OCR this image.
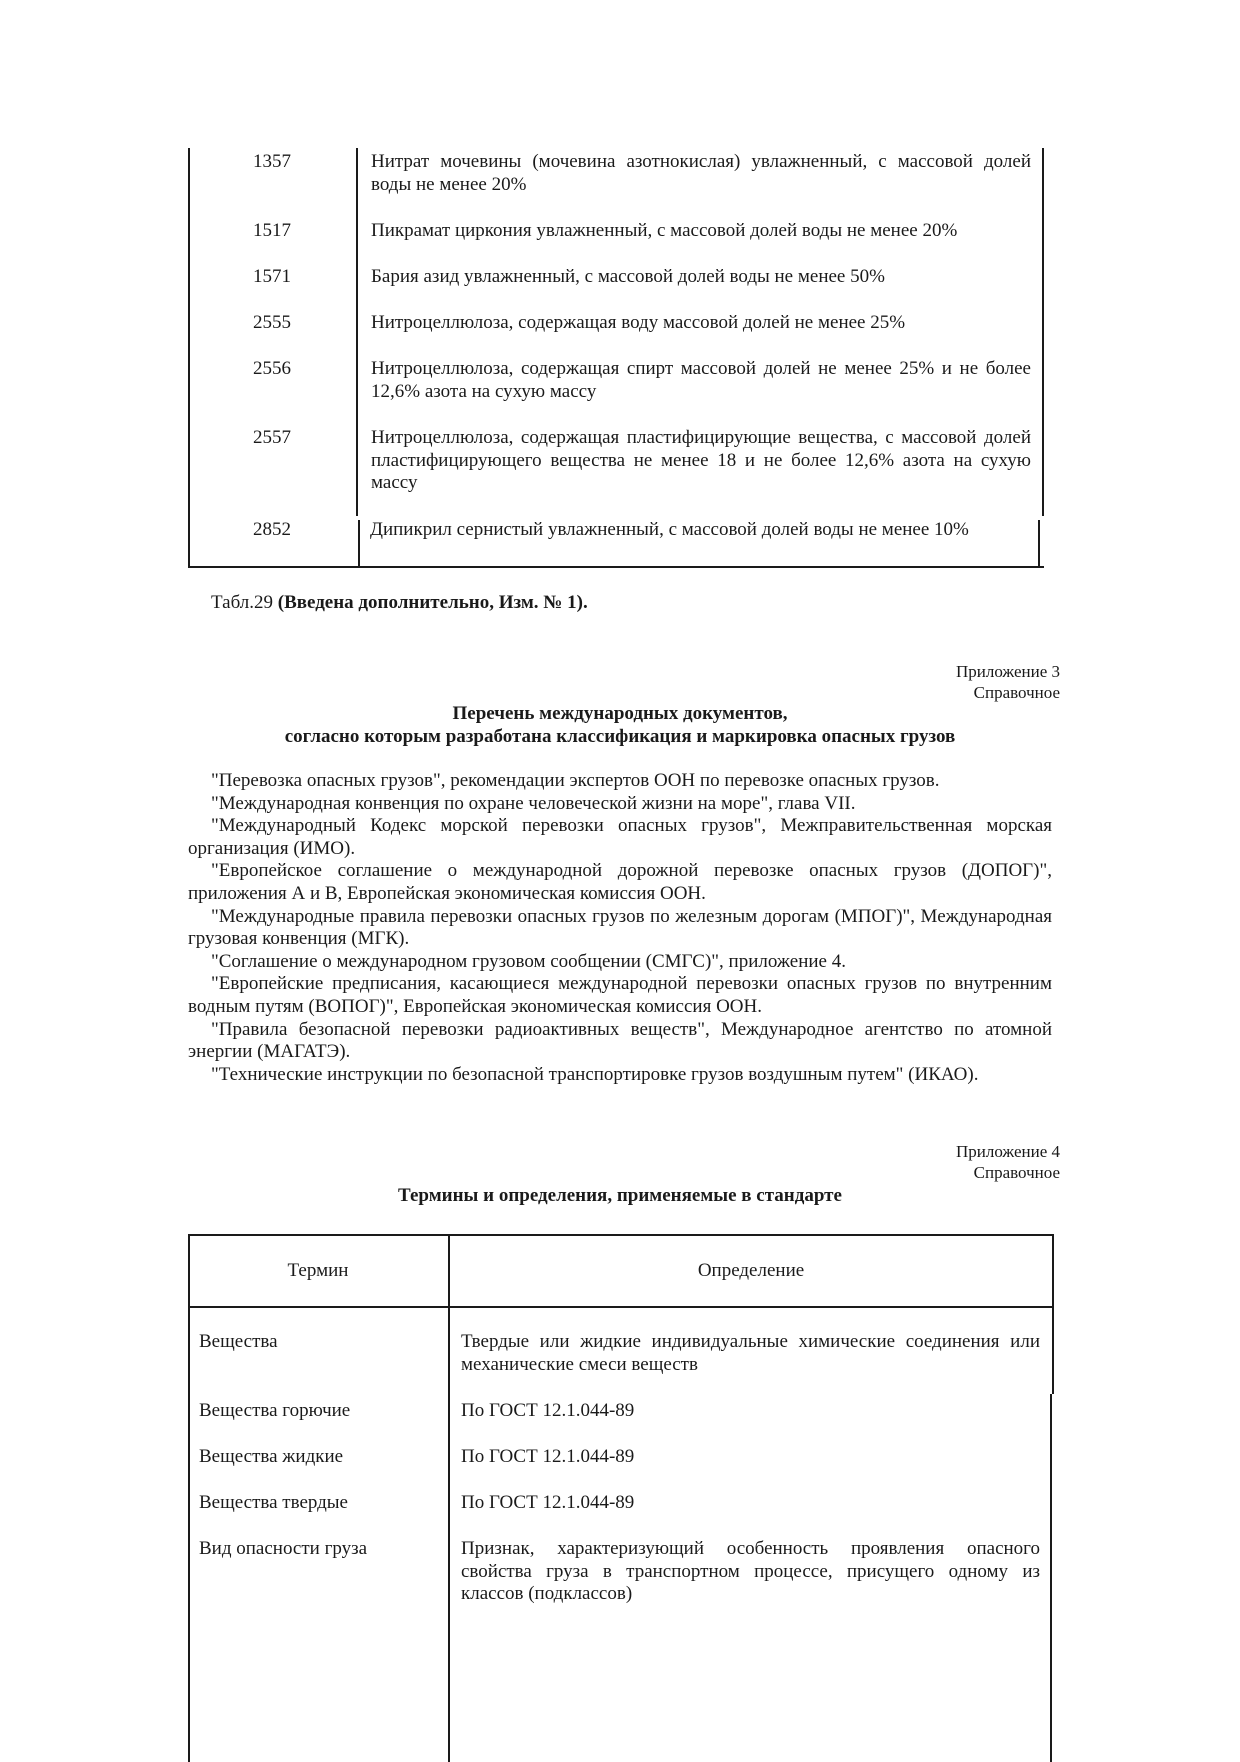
1357	Нитрат мочевины (мочевина азотнокислая) увлажненный, с массовой долей воды не менее 20%
1517	Пикрамат циркония увлажненный, с массовой долей воды не менее 20%
1571	Бария азид увлажненный, с массовой долей воды не менее 50%
2555	Нитроцеллюлоза, содержащая воду массовой долей не менее 25%
2556	Нитроцеллюлоза, содержащая спирт массовой долей не менее 25% и не более 12,6% азота на сухую массу
2557	Нитроцеллюлоза, содержащая пластифицирующие вещества, с массовой долей пластифицирующего вещества не менее 18 и не более 12,6% азота на сухую массу
2852	Дипикрил сернистый увлажненный, с массовой долей воды не менее 10%
Табл.29 (Введена дополнительно, Изм. № 1).
Приложение 3
Справочное
Перечень международных документов,
согласно которым разработана классификация и маркировка опасных грузов

"Перевозка опасных грузов", рекомендации экспертов ООН по перевозке опасных грузов.

"Международная конвенция по охране человеческой жизни на море", глава VII.

"Международный Кодекс морской перевозки опасных грузов", Межправительственная морская организация (ИМО).

"Европейское соглашение о международной дорожной перевозке опасных грузов (ДОПОГ)", приложения А и В, Европейская экономическая комиссия ООН.

"Международные правила перевозки опасных грузов по железным дорогам (МПОГ)", Международная грузовая конвенция (МГК).

"Соглашение о международном грузовом сообщении (СМГС)", приложение 4.

"Европейские предписания, касающиеся международной перевозки опасных грузов по внутренним водным путям (ВОПОГ)", Европейская экономическая комиссия ООН.

"Правила безопасной перевозки радиоактивных веществ", Международное агентство по атомной энергии (МАГАТЭ).

"Технические инструкции по безопасной транспортировке грузов воздушным путем" (ИКАО).

Приложение 4
Справочное
Термины и определения, применяемые в стандарте
Термин	Определение
Вещества	Твердые или жидкие индивидуальные химические соединения или механические смеси веществ
Вещества горючие	По ГОСТ 12.1.044-89
Вещества жидкие	По ГОСТ 12.1.044-89
Вещества твердые	По ГОСТ 12.1.044-89
Вид опасности груза	Признак, характеризующий особенность проявления опасного свойства груза в транспортном процессе, присущего одному из классов (подклассов)
